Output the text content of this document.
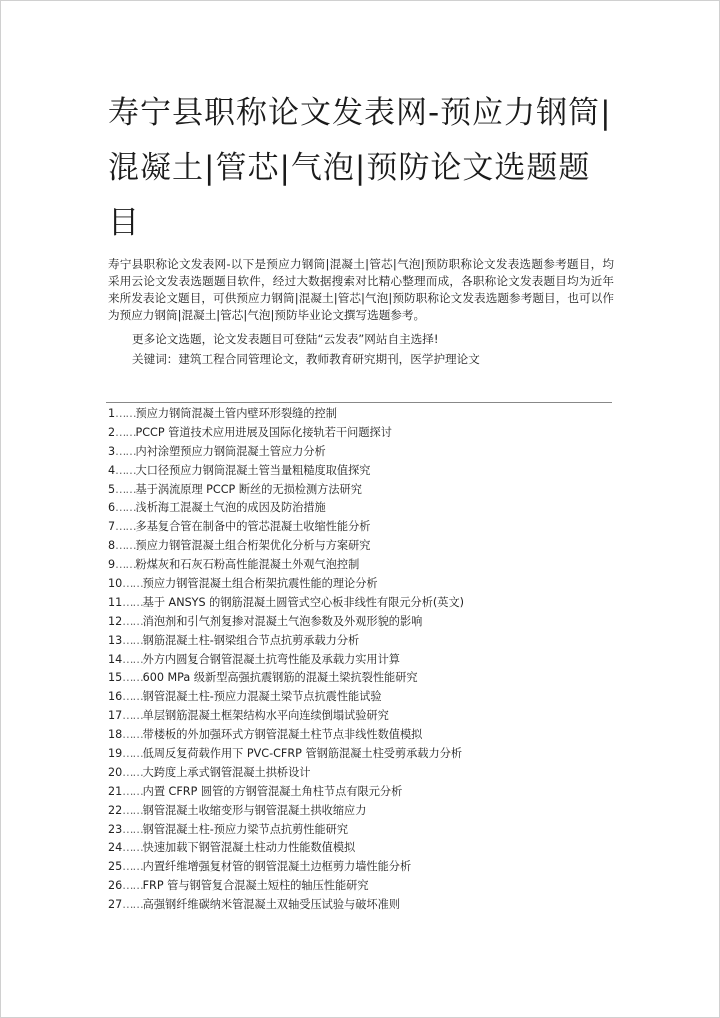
寿宁县职称论文发表网-预应力钢筒|混凝土|管芯|气泡|预防论文选题题目

寿宁县职称论文发表网-以下是预应力钢筒|混凝土|管芯|气泡|预防职称论文发表选题参考题目，均采用云论文发表选题题目软件，经过大数据搜索对比精心整理而成，各职称论文发表题目均为近年来所发表论文题目，可供预应力钢筒|混凝土|管芯|气泡|预防职称论文发表选题参考题目，也可以作为预应力钢筒|混凝土|管芯|气泡|预防毕业论文撰写选题参考。

更多论文选题，论文发表题目可登陆“云发表”网站自主选择!

关键词：建筑工程合同管理论文，教师教育研究期刊，医学护理论文

1……预应力钢筒混凝土管内壁环形裂缝的控制
2……PCCP 管道技术应用进展及国际化接轨若干问题探讨
3……内衬涂塑预应力钢筒混凝土管应力分析
4……大口径预应力钢筒混凝土管当量粗糙度取值探究
5……基于涡流原理 PCCP 断丝的无损检测方法研究
6……浅析海工混凝土气泡的成因及防治措施
7……多基复合管在制备中的管芯混凝土收缩性能分析
8……预应力钢管混凝土组合桁架优化分析与方案研究
9……粉煤灰和石灰石粉高性能混凝土外观气泡控制
10……预应力钢管混凝土组合桁架抗震性能的理论分析
11……基于 ANSYS 的钢筋混凝土圆管式空心板非线性有限元分析(英文)
12……消泡剂和引气剂复掺对混凝土气泡参数及外观形貌的影响
13……钢筋混凝土柱-钢梁组合节点抗剪承载力分析
14……外方内圆复合钢管混凝土抗弯性能及承载力实用计算
15……600 MPa 级新型高强抗震钢筋的混凝土梁抗裂性能研究
16……钢管混凝土柱-预应力混凝土梁节点抗震性能试验
17……单层钢筋混凝土框架结构水平向连续倒塌试验研究
18……带楼板的外加强环式方钢管混凝土柱节点非线性数值模拟
19……低周反复荷载作用下 PVC-CFRP 管钢筋混凝土柱受剪承载力分析
20……大跨度上承式钢管混凝土拱桥设计
21……内置 CFRP 圆管的方钢管混凝土角柱节点有限元分析
22……钢管混凝土收缩变形与钢管混凝土拱收缩应力
23……钢管混凝土柱-预应力梁节点抗剪性能研究
24……快速加载下钢管混凝土柱动力性能数值模拟
25……内置纤维增强复材管的钢管混凝土边框剪力墙性能分析
26……FRP 管与钢管复合混凝土短柱的轴压性能研究
27……高强钢纤维碳纳米管混凝土双轴受压试验与破坏准则
